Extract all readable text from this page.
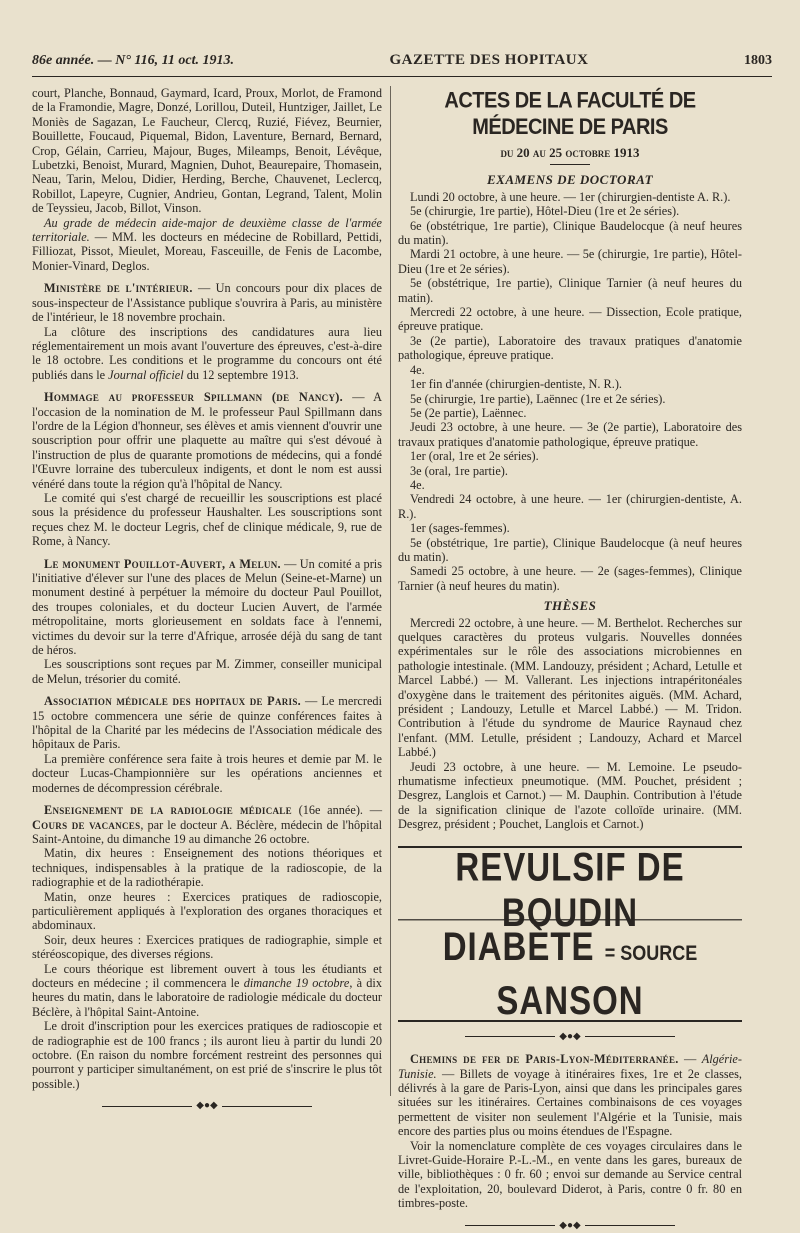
86e année. — N° 116, 11 oct. 1913.	GAZETTE DES HOPITAUX	1803

court, Planche, Bonnaud, Gaymard, Icard, Proux, Morlot, de Framond de la Framondie, Magre, Donzé, Lorillou, Duteil, Huntziger, Jaillet, Le Moniès de Sagazan, Le Faucheur, Clercq, Ruzié, Fiévez, Beurnier, Bouillette, Foucaud, Piquemal, Bidon, Laventure, Bernard, Bernard, Crop, Gélain, Carrieu, Majour, Buges, Mileamps, Benoit, Lévêque, Lubetzki, Benoist, Murard, Magnien, Duhot, Beaurepaire, Thomasein, Neau, Tarin, Melou, Didier, Herding, Berche, Chauvenet, Leclercq, Robillot, Lapeyre, Cugnier, Andrieu, Gontan, Legrand, Talent, Molin de Teyssieu, Jacob, Billot, Vinson.

Au grade de médecin aide-major de deuxième classe de l'armée territoriale. — MM. les docteurs en médecine de Robillard, Pettidi, Filliozat, Pissot, Mieulet, Moreau, Fasceuille, de Fenis de Lacombe, Monier-Vinard, Deglos.

Ministère de l'intérieur. — Un concours pour dix places de sous-inspecteur de l'Assistance publique s'ouvrira à Paris, au ministère de l'intérieur, le 18 novembre prochain.

La clôture des inscriptions des candidatures aura lieu réglementairement un mois avant l'ouverture des épreuves, c'est-à-dire le 18 octobre. Les conditions et le programme du concours ont été publiés dans le Journal officiel du 12 septembre 1913.

Hommage au professeur Spillmann (de Nancy). — A l'occasion de la nomination de M. le professeur Paul Spillmann dans l'ordre de la Légion d'honneur, ses élèves et amis viennent d'ouvrir une souscription pour offrir une plaquette au maître qui s'est dévoué à l'instruction de plus de quarante promotions de médecins, qui a fondé l'Œuvre lorraine des tuberculeux indigents, et dont le nom est aussi vénéré dans toute la région qu'à l'hôpital de Nancy.

Le comité qui s'est chargé de recueillir les souscriptions est placé sous la présidence du professeur Haushalter. Les souscriptions sont reçues chez M. le docteur Legris, chef de clinique médicale, 9, rue de Rome, à Nancy.

Le monument Pouillot-Auvert, a Melun. — Un comité a pris l'initiative d'élever sur l'une des places de Melun (Seine-et-Marne) un monument destiné à perpétuer la mémoire du docteur Paul Pouillot, des troupes coloniales, et du docteur Lucien Auvert, de l'armée métropolitaine, morts glorieusement en soldats face à l'ennemi, victimes du devoir sur la terre d'Afrique, arrosée déjà du sang de tant de héros.

Les souscriptions sont reçues par M. Zimmer, conseiller municipal de Melun, trésorier du comité.

Association médicale des hopitaux de Paris. — Le mercredi 15 octobre commencera une série de quinze conférences faites à l'hôpital de la Charité par les médecins de l'Association médicale des hôpitaux de Paris.

La première conférence sera faite à trois heures et demie par M. le docteur Lucas-Championnière sur les opérations anciennes et modernes de décompression cérébrale.

Enseignement de la radiologie médicale (16e année). — Cours de vacances, par le docteur A. Béclère, médecin de l'hôpital Saint-Antoine, du dimanche 19 au dimanche 26 octobre.

Matin, dix heures : Enseignement des notions théoriques et techniques, indispensables à la pratique de la radioscopie, de la radiographie et de la radiothérapie.

Matin, onze heures : Exercices pratiques de radioscopie, particulièrement appliqués à l'exploration des organes thoraciques et abdominaux.

Soir, deux heures : Exercices pratiques de radiographie, simple et stéréoscopique, des diverses régions.

Le cours théorique est librement ouvert à tous les étudiants et docteurs en médecine ; il commencera le dimanche 19 octobre, à dix heures du matin, dans le laboratoire de radiologie médicale du docteur Béclère, à l'hôpital Saint-Antoine.

Le droit d'inscription pour les exercices pratiques de radioscopie et de radiographie est de 100 francs ; ils auront lieu à partir du lundi 20 octobre. (En raison du nombre forcément restreint des personnes qui pourront y participer simultanément, on est prié de s'inscrire le plus tôt possible.)

◆●◆
ACTES DE LA FACULTÉ DE MÉDECINE DE PARIS
du 20 au 25 octobre 1913
EXAMENS DE DOCTORAT

Lundi 20 octobre, à une heure. — 1er (chirurgien-dentiste A. R.).

5e (chirurgie, 1re partie), Hôtel-Dieu (1re et 2e séries).

6e (obstétrique, 1re partie), Clinique Baudelocque (à neuf heures du matin).

Mardi 21 octobre, à une heure. — 5e (chirurgie, 1re partie), Hôtel-Dieu (1re et 2e séries).

5e (obstétrique, 1re partie), Clinique Tarnier (à neuf heures du matin).

Mercredi 22 octobre, à une heure. — Dissection, Ecole pratique, épreuve pratique.

3e (2e partie), Laboratoire des travaux pratiques d'anatomie pathologique, épreuve pratique.

4e.

1er fin d'année (chirurgien-dentiste, N. R.).

5e (chirurgie, 1re partie), Laënnec (1re et 2e séries).

5e (2e partie), Laënnec.

Jeudi 23 octobre, à une heure. — 3e (2e partie), Laboratoire des travaux pratiques d'anatomie pathologique, épreuve pratique.

1er (oral, 1re et 2e séries).

3e (oral, 1re partie).

4e.

Vendredi 24 octobre, à une heure. — 1er (chirurgien-dentiste, A. R.).

1er (sages-femmes).

5e (obstétrique, 1re partie), Clinique Baudelocque (à neuf heures du matin).

Samedi 25 octobre, à une heure. — 2e (sages-femmes), Clinique Tarnier (à neuf heures du matin).

THÈSES

Mercredi 22 octobre, à une heure. — M. Berthelot. Recherches sur quelques caractères du proteus vulgaris. Nouvelles données expérimentales sur le rôle des associations microbiennes en pathologie intestinale. (MM. Landouzy, président ; Achard, Letulle et Marcel Labbé.) — M. Vallerant. Les injections intrapéritonéales d'oxygène dans le traitement des péritonites aiguës. (MM. Achard, président ; Landouzy, Letulle et Marcel Labbé.) — M. Tridon. Contribution à l'étude du syndrome de Maurice Raynaud chez l'enfant. (MM. Letulle, président ; Landouzy, Achard et Marcel Labbé.)

Jeudi 23 octobre, à une heure. — M. Lemoine. Le pseudo-rhumatisme infectieux pneumotique. (MM. Pouchet, président ; Desgrez, Langlois et Carnot.) — M. Dauphin. Contribution à l'étude de la signification clinique de l'azote colloïde urinaire. (MM. Desgrez, président ; Pouchet, Langlois et Carnot.)

REVULSIF DE BOUDIN
DIABÈTE = SOURCE SANSON
◆●◆

Chemins de fer de Paris-Lyon-Méditerranée. — Algérie-Tunisie. — Billets de voyage à itinéraires fixes, 1re et 2e classes, délivrés à la gare de Paris-Lyon, ainsi que dans les principales gares situées sur les itinéraires. Certaines combinaisons de ces voyages permettent de visiter non seulement l'Algérie et la Tunisie, mais encore des parties plus ou moins étendues de l'Espagne.

Voir la nomenclature complète de ces voyages circulaires dans le Livret-Guide-Horaire P.-L.-M., en vente dans les gares, bureaux de ville, bibliothèques : 0 fr. 60 ; envoi sur demande au Service central de l'exploitation, 20, boulevard Diderot, à Paris, contre 0 fr. 80 en timbres-poste.

◆●◆
